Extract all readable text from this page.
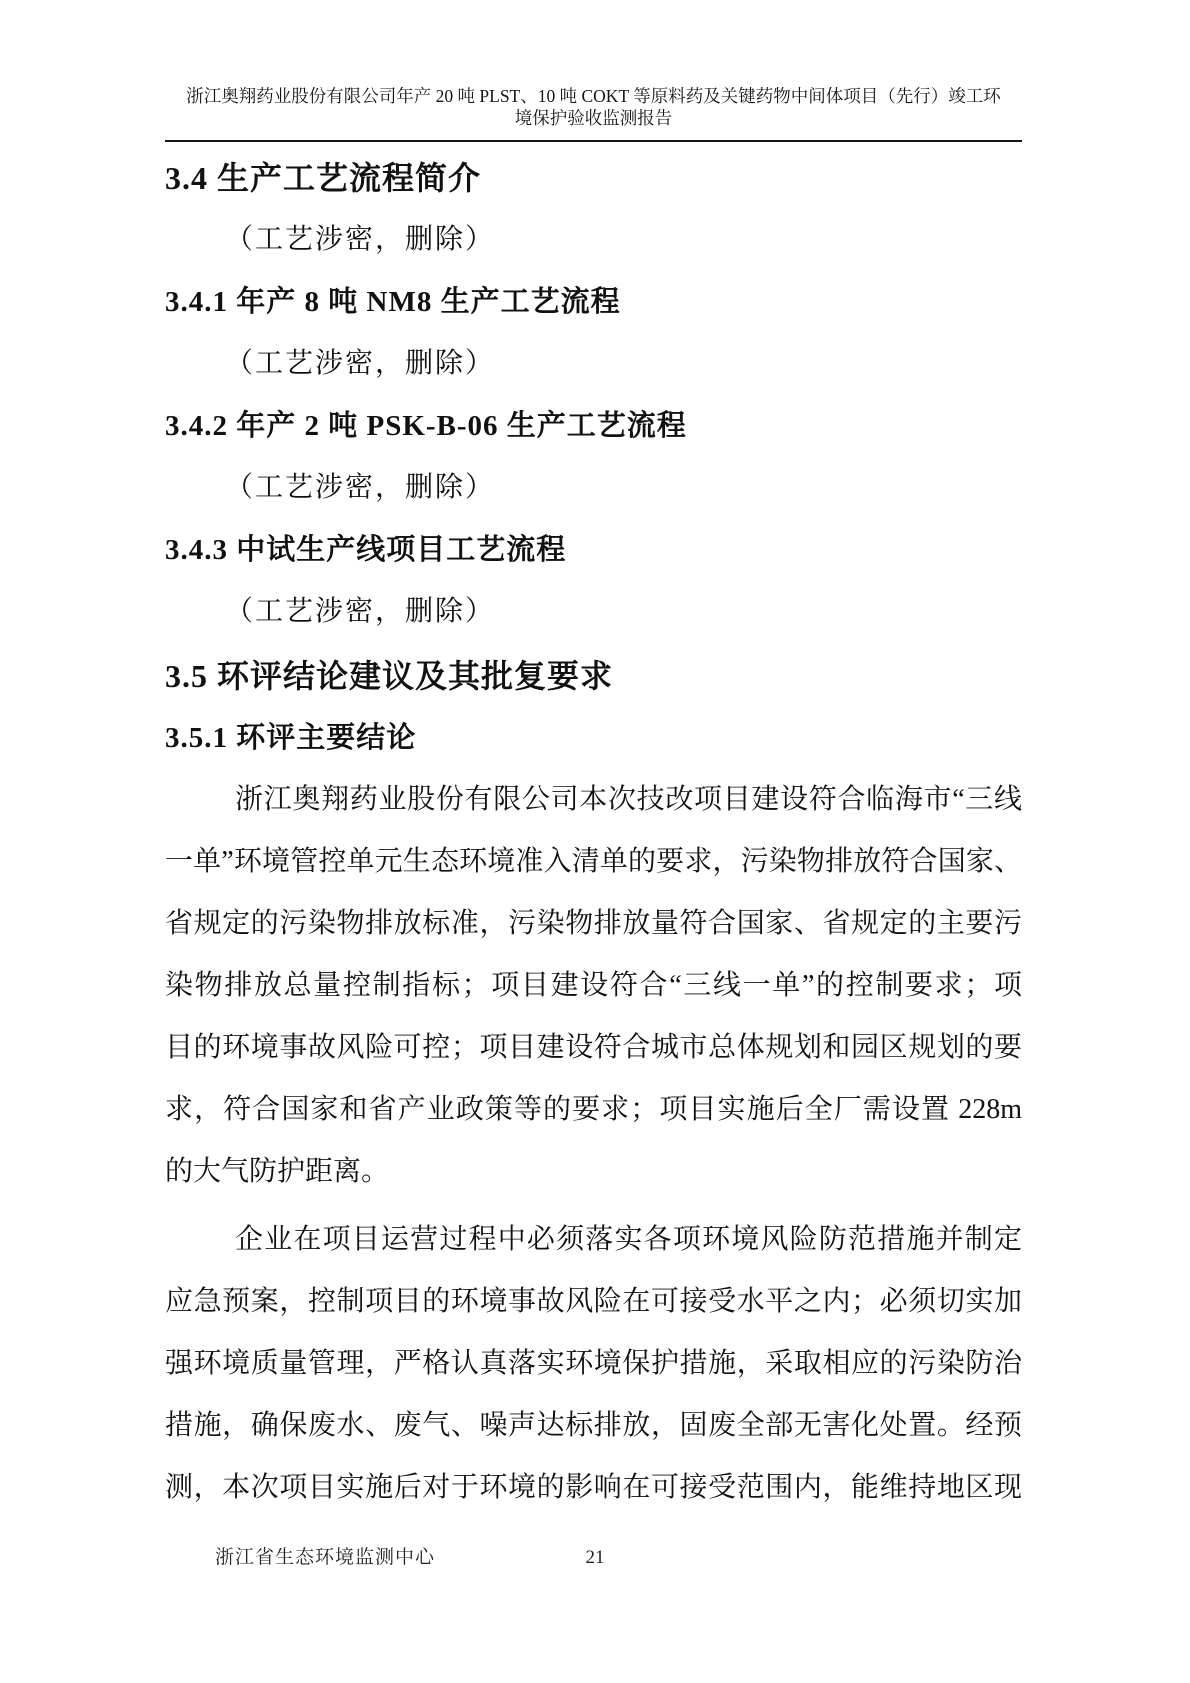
浙江奥翔药业股份有限公司年产 20 吨 PLST、10 吨 COKT 等原料药及关键药物中间体项目（先行）竣工环
境保护验收监测报告
3.4 生产工艺流程简介
（工艺涉密，删除）
3.4.1 年产 8 吨 NM8 生产工艺流程
（工艺涉密，删除）
3.4.2 年产 2 吨 PSK-B-06 生产工艺流程
（工艺涉密，删除）
3.4.3 中试生产线项目工艺流程
（工艺涉密，删除）
3.5 环评结论建议及其批复要求
3.5.1 环评主要结论
浙江奥翔药业股份有限公司本次技改项目建设符合临海市“三线
一单”环境管控单元生态环境准入清单的要求，污染物排放符合国家、
省规定的污染物排放标准，污染物排放量符合国家、省规定的主要污
染物排放总量控制指标；项目建设符合“三线一单”的控制要求；项
目的环境事故风险可控；项目建设符合城市总体规划和园区规划的要
求，符合国家和省产业政策等的要求；项目实施后全厂需设置 228m
的大气防护距离。
企业在项目运营过程中必须落实各项环境风险防范措施并制定
应急预案，控制项目的环境事故风险在可接受水平之内；必须切实加
强环境质量管理，严格认真落实环境保护措施，采取相应的污染防治
措施，确保废水、废气、噪声达标排放，固废全部无害化处置。经预
测，本次项目实施后对于环境的影响在可接受范围内，能维持地区现
浙江省生态环境监测中心	21
